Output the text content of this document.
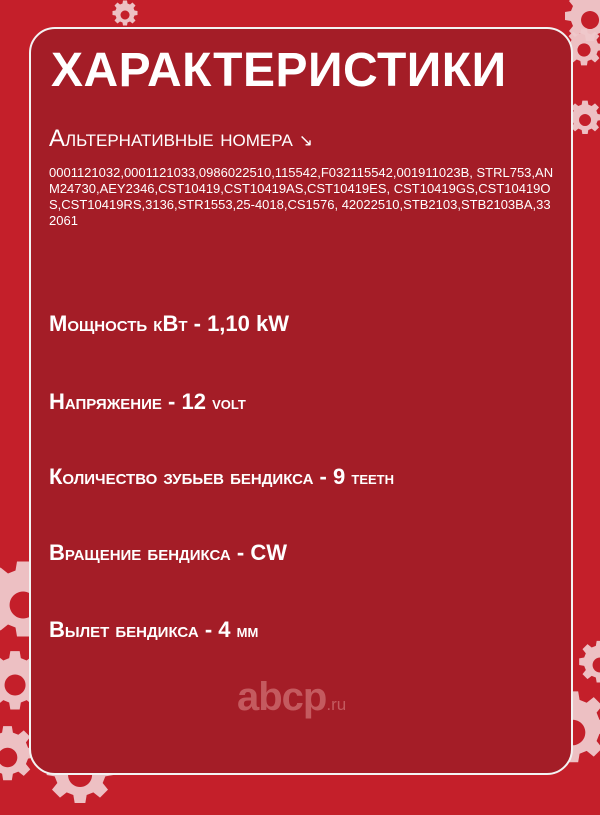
ХАРАКТЕРИСТИКИ
Альтернативные номера ↘
0001121032,0001121033,0986022510,115542,F032115542,001911023B, STRL753,ANM24730,AEY2346,CST10419,CST10419AS,CST10419ES, CST10419GS,CST10419OS,CST10419RS,3136,STR1553,25-4018,CS1576, 42022510,STB2103,STB2103BA,332061
Мощность кВт - 1,10 kW
Напряжение - 12 volt
Количество зубьев бендикса - 9 teeth
Вращение бендикса - CW
Вылет бендикса - 4 мм
abcp.ru
